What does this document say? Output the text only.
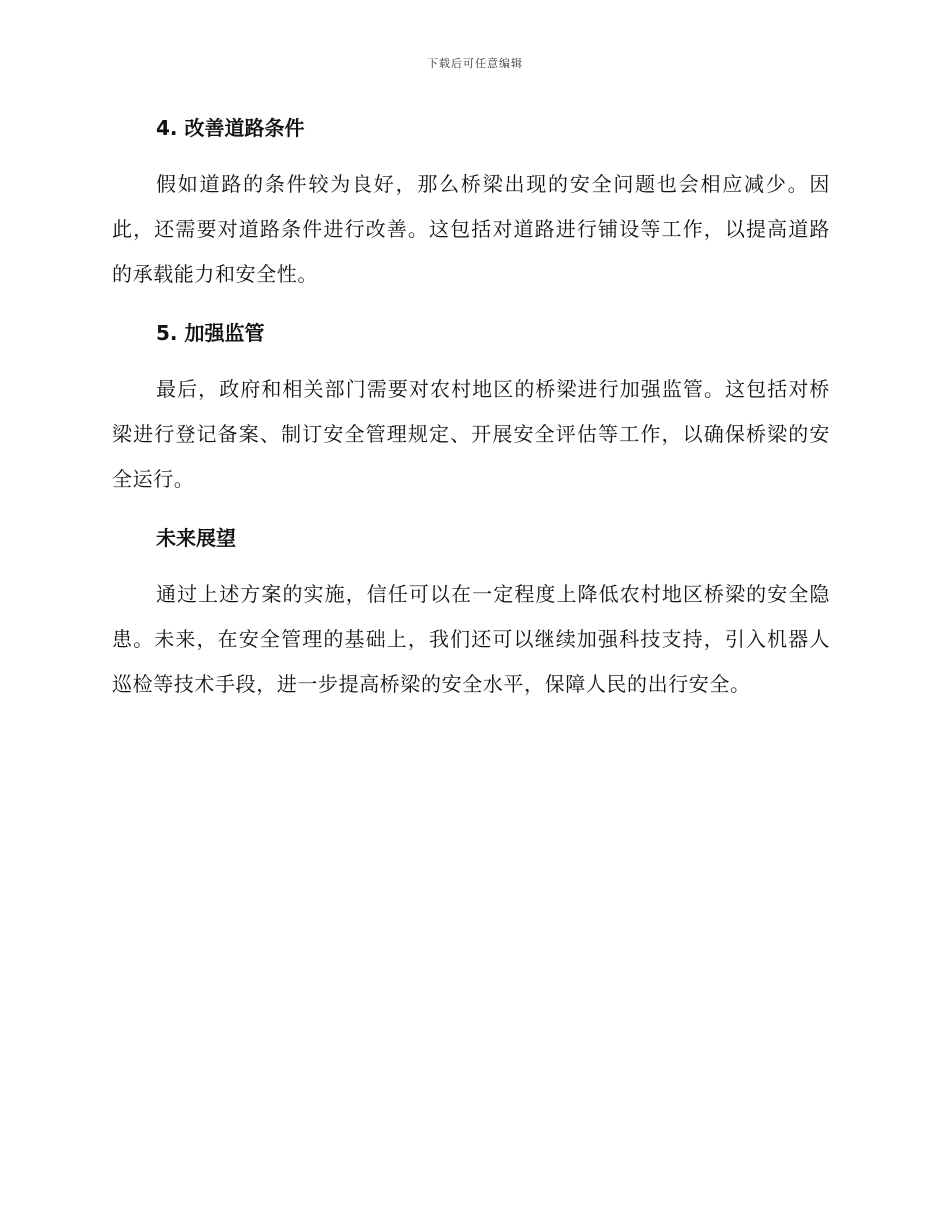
下载后可任意编辑
4. 改善道路条件

假如道路的条件较为良好，那么桥梁出现的安全问题也会相应减少。因此，还需要对道路条件进行改善。这包括对道路进行铺设等工作，以提高道路的承载能力和安全性。

5. 加强监管

最后，政府和相关部门需要对农村地区的桥梁进行加强监管。这包括对桥梁进行登记备案、制订安全管理规定、开展安全评估等工作，以确保桥梁的安全运行。

未来展望

通过上述方案的实施，信任可以在一定程度上降低农村地区桥梁的安全隐患。未来，在安全管理的基础上，我们还可以继续加强科技支持，引入机器人巡检等技术手段，进一步提高桥梁的安全水平，保障人民的出行安全。
